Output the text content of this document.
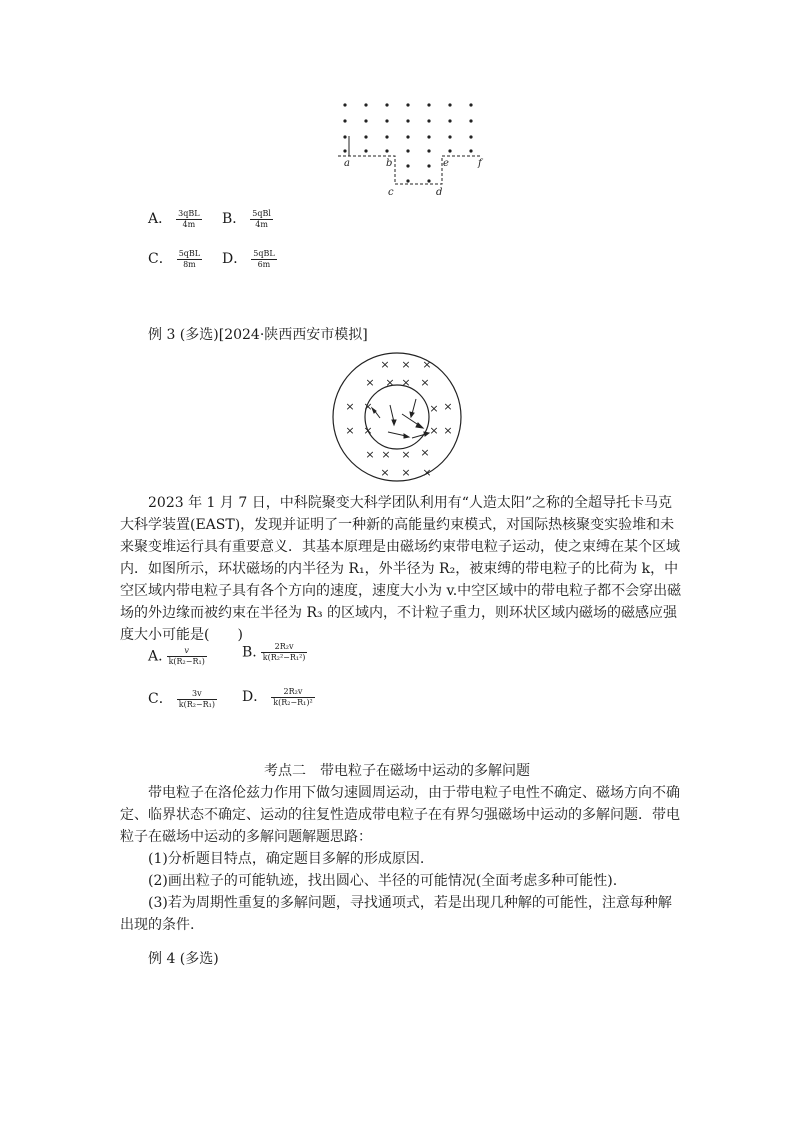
a	b
c	d
e	f
A． $\frac{\text{3qBL}}{4m}$ B． $\frac{\text{5qBl}}{4m}$
C． $\frac{\text{5qBL}}{8m}$ D． $\frac{\text{5qBL}}{6m}$
例 3 (多选)[2024·陕西西安市模拟]
× × ×
× × × ×
× ×	× ×
× ×	× ×
× × × ×
× × ×
2023 年 1 月 7 日，中科院聚变大科学团队利用有“人造太阳”之称的全超导托卡马克
大科学装置(EAST)，发现并证明了一种新的高能量约束模式，对国际热核聚变实验堆和未
来聚变堆运行具有重要意义．其基本原理是由磁场约束带电粒子运动，使之束缚在某个区域
内．如图所示，环状磁场的内半径为 R₁，外半径为 R₂，被束缚的带电粒子的比荷为 k，中
空区域内带电粒子具有各个方向的速度，速度大小为 v.中空区域中的带电粒子都不会穿出磁
场的外边缘而被约束在半径为 R₃ 的区域内，不计粒子重力，则环状区域内磁场的磁感应强
度大小可能是(　　)
A. $\frac{v}{\text{k(R₂−R₁)}}$	B. $\frac{\text{2R₂v}}{\text{k(R₂²−R₁²)}}$
C． $\frac{3v}{\text{k(R₂−R₁)}}$ D． $\frac{\text{2R₂v}}{\text{k(R₂−R₁)²}}$
考点二　带电粒子在磁场中运动的多解问题
带电粒子在洛伦兹力作用下做匀速圆周运动，由于带电粒子电性不确定、磁场方向不确
定、临界状态不确定、运动的往复性造成带电粒子在有界匀强磁场中运动的多解问题．带电
粒子在磁场中运动的多解问题解题思路：
(1)分析题目特点，确定题目多解的形成原因.
(2)画出粒子的可能轨迹，找出圆心、半径的可能情况(全面考虑多种可能性).
(3)若为周期性重复的多解问题，寻找通项式，若是出现几种解的可能性，注意每种解
出现的条件.
例 4 (多选)
